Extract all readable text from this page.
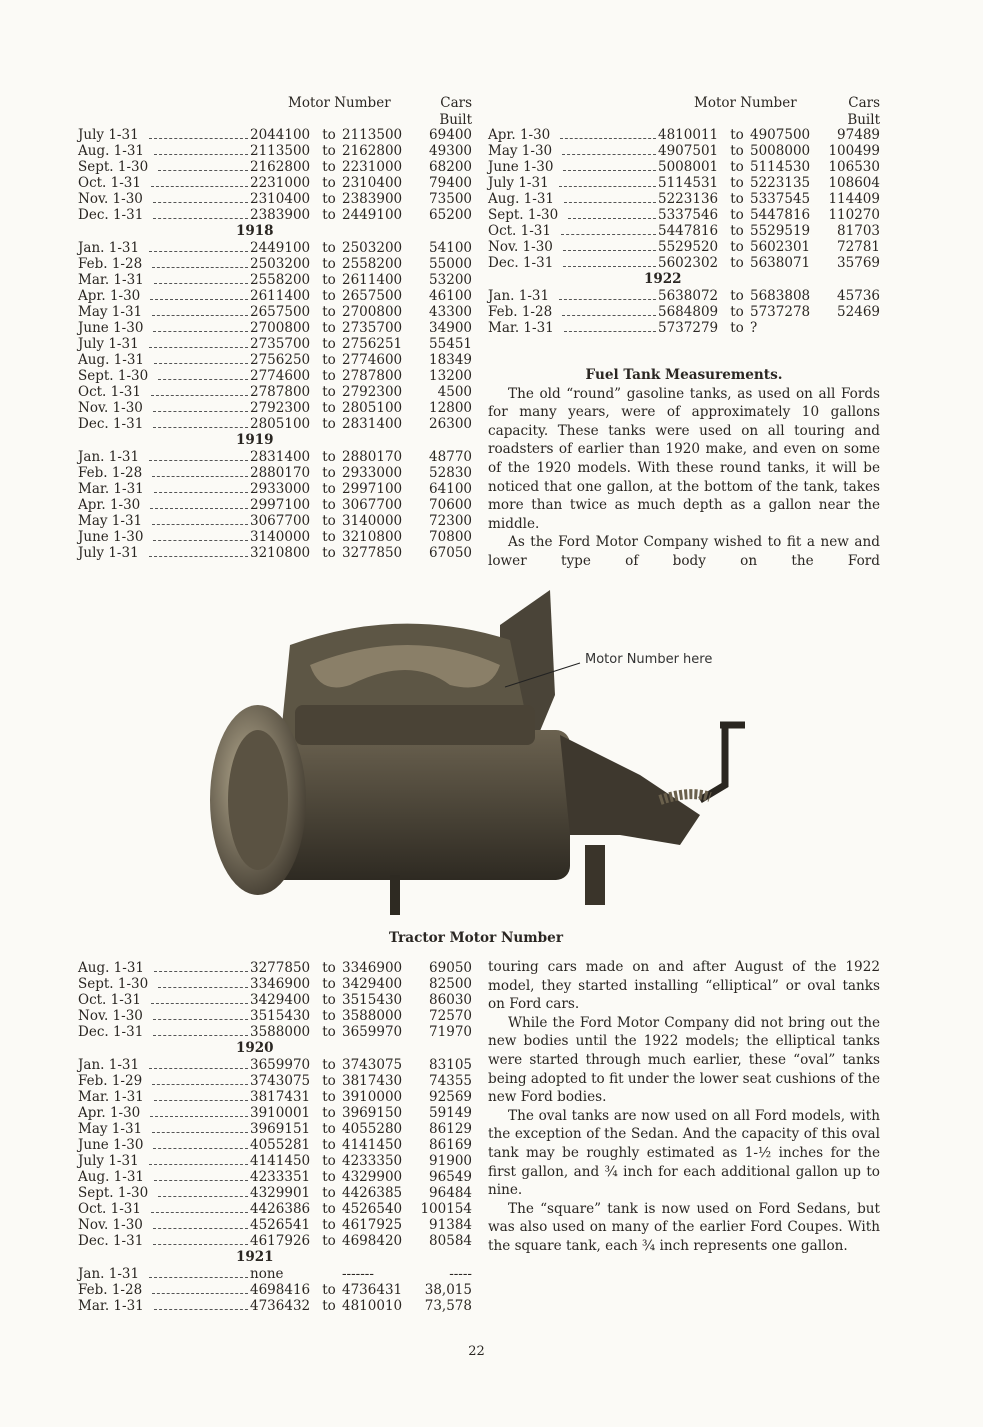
Motor Number	Cars
Built
July 1-31	2044100 to 2113500	69400
Aug. 1-31	2113500 to 2162800	49300
Sept. 1-30	2162800 to 2231000	68200
Oct. 1-31	2231000 to 2310400	79400
Nov. 1-30	2310400 to 2383900	73500
Dec. 1-31	2383900 to 2449100	65200
1918
Jan. 1-31	2449100 to 2503200	54100
Feb. 1-28	2503200 to 2558200	55000
Mar. 1-31	2558200 to 2611400	53200
Apr. 1-30	2611400 to 2657500	46100
May 1-31	2657500 to 2700800	43300
June 1-30	2700800 to 2735700	34900
July 1-31	2735700 to 2756251	55451
Aug. 1-31	2756250 to 2774600	18349
Sept. 1-30	2774600 to 2787800	13200
Oct. 1-31	2787800 to 2792300	4500
Nov. 1-30	2792300 to 2805100	12800
Dec. 1-31	2805100 to 2831400	26300
1919
Jan. 1-31	2831400 to 2880170	48770
Feb. 1-28	2880170 to 2933000	52830
Mar. 1-31	2933000 to 2997100	64100
Apr. 1-30	2997100 to 3067700	70600
May 1-31	3067700 to 3140000	72300
June 1-30	3140000 to 3210800	70800
July 1-31	3210800 to 3277850	67050
Motor Number	Cars
Built
Apr. 1-30	4810011 to 4907500	97489
May 1-30	4907501 to 5008000	100499
June 1-30	5008001 to 5114530	106530
July 1-31	5114531 to 5223135	108604
Aug. 1-31	5223136 to 5337545	114409
Sept. 1-30	5337546 to 5447816	110270
Oct. 1-31	5447816 to 5529519	81703
Nov. 1-30	5529520 to 5602301	72781
Dec. 1-31	5602302 to 5638071	35769
1922
Jan. 1-31	5638072 to 5683808	45736
Feb. 1-28	5684809 to 5737278	52469
Mar. 1-31	5737279 to ?
Fuel Tank Measurements.

The old “round” gasoline tanks, as used on all Fords for many years, were of approximately 10 gallons capacity. These tanks were used on all touring and roadsters of earlier than 1920 make, and even on some of the 1920 models. With these round tanks, it will be noticed that one gallon, at the bottom of the tank, takes more than twice as much depth as a gallon near the middle.

As the Ford Motor Company wished to fit a new and lower type of body on the Ford

Motor Number here
Tractor Motor Number
Aug. 1-31	3277850 to 3346900	69050
Sept. 1-30	3346900 to 3429400	82500
Oct. 1-31	3429400 to 3515430	86030
Nov. 1-30	3515430 to 3588000	72570
Dec. 1-31	3588000 to 3659970	71970
1920
Jan. 1-31	3659970 to 3743075	83105
Feb. 1-29	3743075 to 3817430	74355
Mar. 1-31	3817431 to 3910000	92569
Apr. 1-30	3910001 to 3969150	59149
May 1-31	3969151 to 4055280	86129
June 1-30	4055281 to 4141450	86169
July 1-31	4141450 to 4233350	91900
Aug. 1-31	4233351 to 4329900	96549
Sept. 1-30	4329901 to 4426385	96484
Oct. 1-31	4426386 to 4526540	100154
Nov. 1-30	4526541 to 4617925	91384
Dec. 1-31	4617926 to 4698420	80584
1921
Jan. 1-31	none	-------	-----
Feb. 1-28	4698416 to 4736431	38,015
Mar. 1-31	4736432 to 4810010	73,578

touring cars made on and after August of the 1922 model, they started installing “elliptical” or oval tanks on Ford cars.

While the Ford Motor Company did not bring out the new bodies until the 1922 models; the elliptical tanks were started through much earlier, these “oval” tanks being adopted to fit under the lower seat cushions of the new Ford bodies.

The oval tanks are now used on all Ford models, with the exception of the Sedan. And the capacity of this oval tank may be roughly estimated as 1-½ inches for the first gallon, and ¾ inch for each additional gallon up to nine.

The “square” tank is now used on Ford Sedans, but was also used on many of the earlier Ford Coupes. With the square tank, each ¾ inch represents one gallon.

22
